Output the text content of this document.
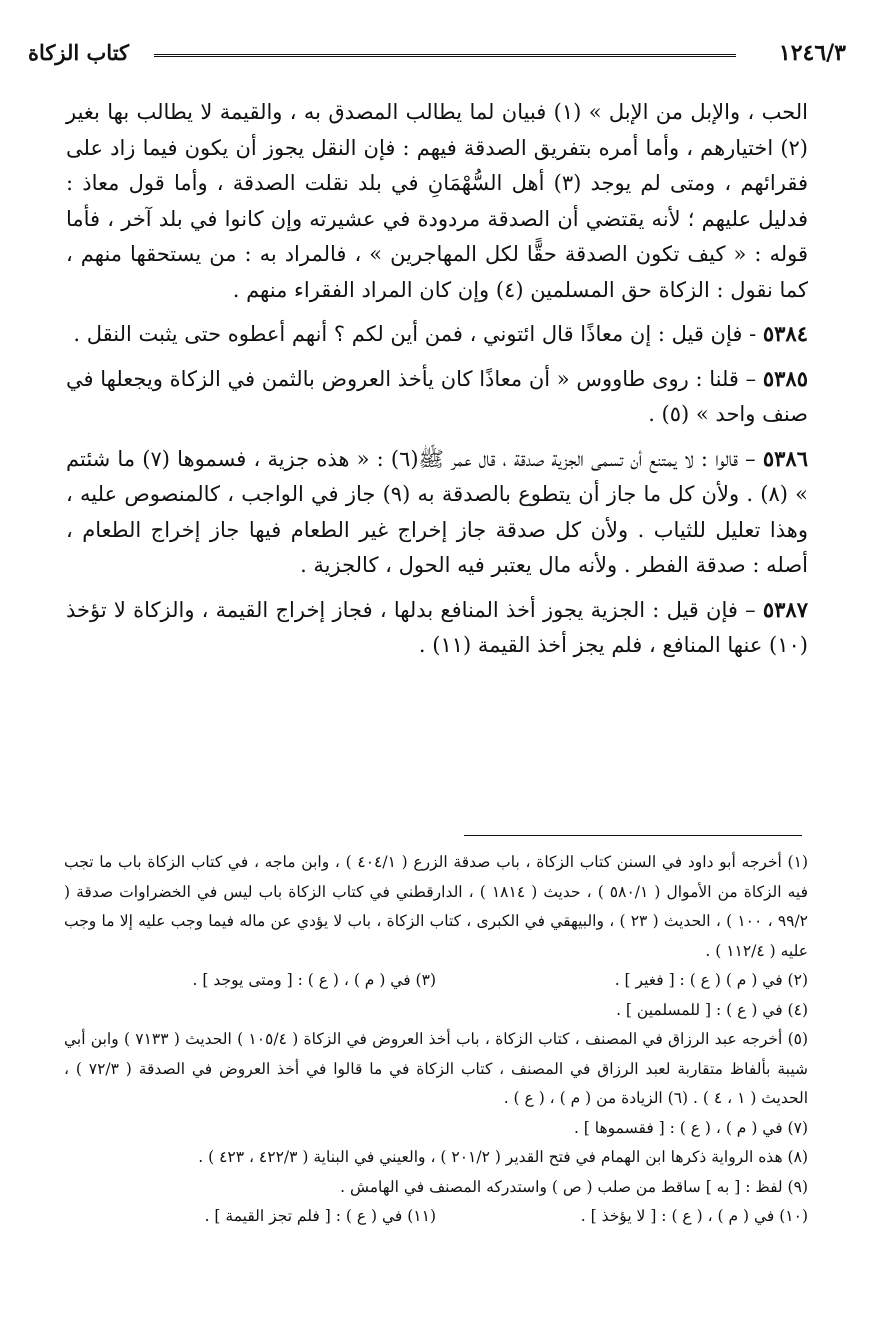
١٢٤٦/٣
كتاب الزكاة

الحب ، والإبل من الإبل » (١) فبيان لما يطالب المصدق به ، والقيمة لا يطالب بها بغير (٢) اختيارهم ، وأما أمره بتفريق الصدقة فيهم : فإن النقل يجوز أن يكون فيما زاد على فقرائهم ، ومتى لم يوجد (٣) أهل السُّهْمَانِ في بلد نقلت الصدقة ، وأما قول معاذ : فدليل عليهم ؛ لأنه يقتضي أن الصدقة مردودة في عشيرته وإن كانوا في بلد آخر ، فأما قوله : « كيف تكون الصدقة حقًّا لكل المهاجرين » ، فالمراد به : من يستحقها منهم ، كما نقول : الزكاة حق المسلمين (٤) وإن كان المراد الفقراء منهم .

٥٣٨٤ - فإن قيل : إن معاذًا قال ائتوني ، فمن أين لكم ؟ أنهم أعطوه حتى يثبت النقل .

٥٣٨٥ – قلنا : روى طاووس « أن معاذًا كان يأخذ العروض بالثمن في الزكاة ويجعلها في صنف واحد » (٥) .

٥٣٨٦ – قالوا : لا يمتنع أن تسمى الجزية صدقة ، قال عمر ﷺ(٦) : « هذه جزية ، فسموها (٧) ما شئتم » (٨) . ولأن كل ما جاز أن يتطوع بالصدقة به (٩) جاز في الواجب ، كالمنصوص عليه ، وهذا تعليل للثياب . ولأن كل صدقة جاز إخراج غير الطعام فيها جاز إخراج الطعام ، أصله : صدقة الفطر . ولأنه مال يعتبر فيه الحول ، كالجزية .

٥٣٨٧ – فإن قيل : الجزية يجوز أخذ المنافع بدلها ، فجاز إخراج القيمة ، والزكاة لا تؤخذ (١٠) عنها المنافع ، فلم يجز أخذ القيمة (١١) .

(١) أخرجه أبو داود في السنن كتاب الزكاة ، باب صدقة الزرع ( ٤٠٤/١ ) ، وابن ماجه ، في كتاب الزكاة باب ما تجب فيه الزكاة من الأموال ( ٥٨٠/١ ) ، حديث ( ١٨١٤ ) ، الدارقطني في كتاب الزكاة باب ليس في الخضراوات صدقة ( ٩٩/٢ ، ١٠٠ ) ، الحديث ( ٢٣ ) ، والبيهقي في الكبرى ، كتاب الزكاة ، باب لا يؤدي عن ماله فيما وجب عليه إلا ما وجب عليه ( ١١٢/٤ ) .

(٢) في ( م ) ( ع ) : [ فغير ] .
(٣) في ( م ) ، ( ع ) : [ ومتى يوجد ] .

(٤) في ( ع ) : [ للمسلمين ] .

(٥) أخرجه عبد الرزاق في المصنف ، كتاب الزكاة ، باب أخذ العروض في الزكاة ( ١٠٥/٤ ) الحديث ( ٧١٣٣ ) وابن أبي شيبة بألفاظ متقاربة لعبد الرزاق في المصنف ، كتاب الزكاة في ما قالوا في أخذ العروض في الصدقة ( ٧٢/٣ ) ، الحديث ( ١ ، ٤ ) . (٦) الزيادة من ( م ) ، ( ع ) .

(٧) في ( م ) ، ( ع ) : [ فقسموها ] .

(٨) هذه الرواية ذكرها ابن الهمام في فتح القدير ( ٢٠١/٢ ) ، والعيني في البناية ( ٤٢٢/٣ ، ٤٢٣ ) .

(٩) لفظ : [ به ] ساقط من صلب ( ص ) واستدركه المصنف في الهامش .

(١٠) في ( م ) ، ( ع ) : [ لا يؤخذ ] .
(١١) في ( ع ) : [ فلم تجز القيمة ] .
